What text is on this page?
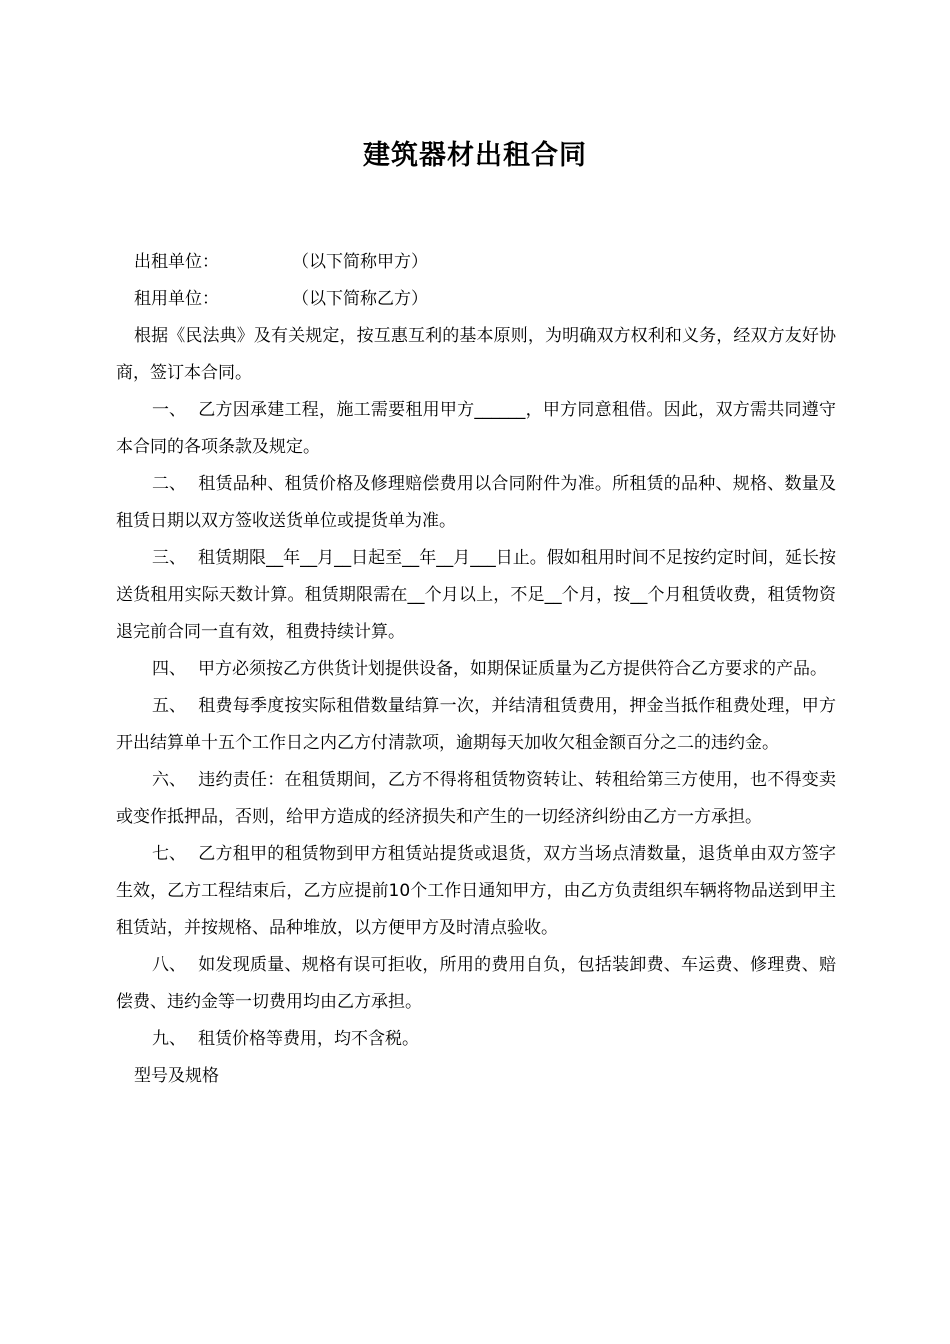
建筑器材出租合同

出租单位：	（以下简称甲方）

租用单位：	（以下简称乙方）

根据《民法典》及有关规定，按互惠互利的基本原则，为明确双方权利和义务，经双方友好协商，签订本合同。

一、 乙方因承建工程，施工需要租用甲方______，甲方同意租借。因此，双方需共同遵守本合同的各项条款及规定。

二、 租赁品种、租赁价格及修理赔偿费用以合同附件为准。所租赁的品种、规格、数量及租赁日期以双方签收送货单位或提货单为准。

三、 租赁期限__年__月__日起至__年__月___日止。假如租用时间不足按约定时间，延长按送货租用实际天数计算。租赁期限需在__个月以上，不足__个月，按__个月租赁收费，租赁物资退完前合同一直有效，租费持续计算。

四、 甲方必须按乙方供货计划提供设备，如期保证质量为乙方提供符合乙方要求的产品。

五、 租费每季度按实际租借数量结算一次，并结清租赁费用，押金当抵作租费处理，甲方开出结算单十五个工作日之内乙方付清款项，逾期每天加收欠租金额百分之二的违约金。

六、 违约责任：在租赁期间，乙方不得将租赁物资转让、转租给第三方使用，也不得变卖或变作抵押品，否则，给甲方造成的经济损失和产生的一切经济纠纷由乙方一方承担。

七、 乙方租甲的租赁物到甲方租赁站提货或退货，双方当场点清数量，退货单由双方签字生效，乙方工程结束后，乙方应提前10个工作日通知甲方，由乙方负责组织车辆将物品送到甲主租赁站，并按规格、品种堆放，以方便甲方及时清点验收。

八、 如发现质量、规格有误可拒收，所用的费用自负，包括装卸费、车运费、修理费、赔偿费、违约金等一切费用均由乙方承担。

九、 租赁价格等费用，均不含税。

型号及规格
